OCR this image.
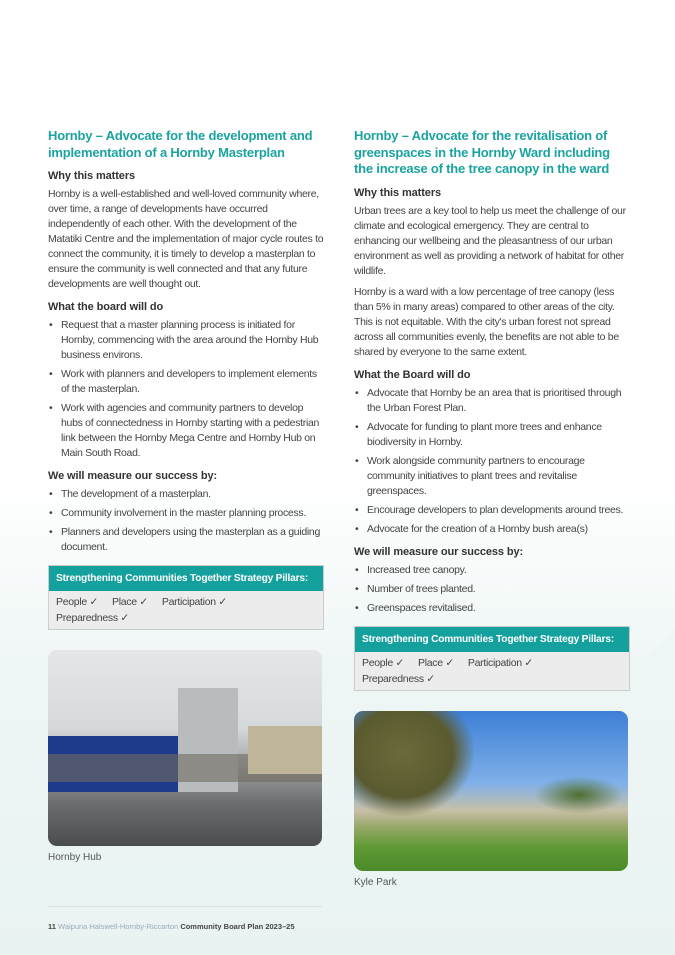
Hornby – Advocate for the development and implementation of a Hornby Masterplan
Why this matters

Hornby is a well-established and well-loved community where, over time, a range of developments have occurred independently of each other. With the development of the Matatiki Centre and the implementation of major cycle routes to connect the community, it is timely to develop a masterplan to ensure the community is well connected and that any future developments are well thought out.

What the board will do
• Request that a master planning process is initiated for Hornby, commencing with the area around the Hornby Hub business environs.
• Work with planners and developers to implement elements of the masterplan.
• Work with agencies and community partners to develop hubs of connectedness in Hornby starting with a pedestrian link between the Hornby Mega Centre and Hornby Hub on Main South Road.
We will measure our success by:
• The development of a masterplan.
• Community involvement in the master planning process.
• Planners and developers using the masterplan as a guiding document.
Strengthening Communities Together Strategy Pillars:
People ✓ Place ✓ Participation ✓
Preparedness ✓
Hornby Hub
Hornby – Advocate for the revitalisation of greenspaces in the Hornby Ward including the increase of the tree canopy in the ward
Why this matters

Urban trees are a key tool to help us meet the challenge of our climate and ecological emergency. They are central to enhancing our wellbeing and the pleasantness of our urban environment as well as providing a network of habitat for other wildlife.

Hornby is a ward with a low percentage of tree canopy (less than 5% in many areas) compared to other areas of the city. This is not equitable. With the city's urban forest not spread across all communities evenly, the benefits are not able to be shared by everyone to the same extent.

What the Board will do
• Advocate that Hornby be an area that is prioritised through the Urban Forest Plan.
• Advocate for funding to plant more trees and enhance biodiversity in Hornby.
• Work alongside community partners to encourage community initiatives to plant trees and revitalise greenspaces.
• Encourage developers to plan developments around trees.
• Advocate for the creation of a Hornby bush area(s)
We will measure our success by:
• Increased tree canopy.
• Number of trees planted.
• Greenspaces revitalised.
Strengthening Communities Together Strategy Pillars:
People ✓ Place ✓ Participation ✓
Preparedness ✓
Kyle Park
11 Waipuna Halswell-Hornby-Riccarton Community Board Plan 2023–25
